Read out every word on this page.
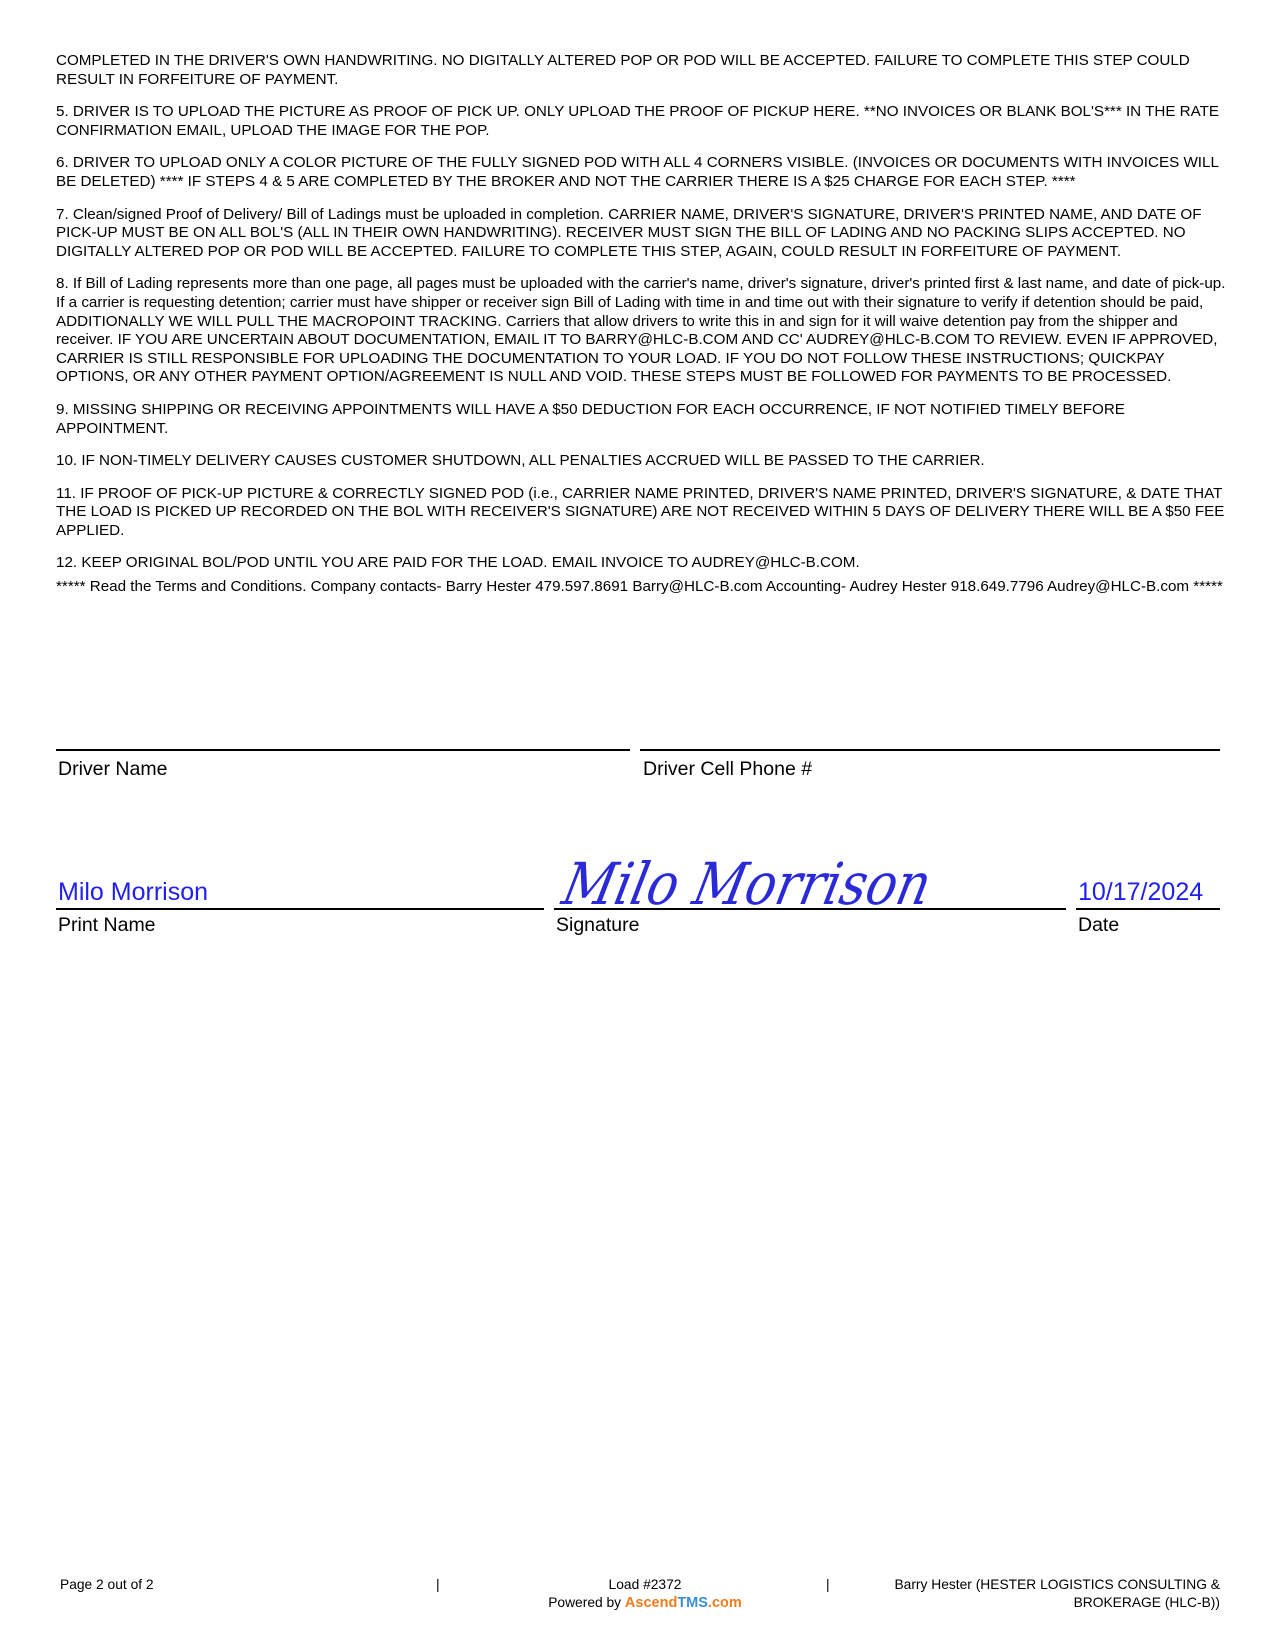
COMPLETED IN THE DRIVER'S OWN HANDWRITING. NO DIGITALLY ALTERED POP OR POD WILL BE ACCEPTED. FAILURE TO COMPLETE THIS STEP COULD RESULT IN FORFEITURE OF PAYMENT.

5. DRIVER IS TO UPLOAD THE PICTURE AS PROOF OF PICK UP. ONLY UPLOAD THE PROOF OF PICKUP HERE. **NO INVOICES OR BLANK BOL'S*** IN THE RATE CONFIRMATION EMAIL, UPLOAD THE IMAGE FOR THE POP.

6. DRIVER TO UPLOAD ONLY A COLOR PICTURE OF THE FULLY SIGNED POD WITH ALL 4 CORNERS VISIBLE. (INVOICES OR DOCUMENTS WITH INVOICES WILL BE DELETED) **** IF STEPS 4 & 5 ARE COMPLETED BY THE BROKER AND NOT THE CARRIER THERE IS A $25 CHARGE FOR EACH STEP. ****

7. Clean/signed Proof of Delivery/ Bill of Ladings must be uploaded in completion. CARRIER NAME, DRIVER'S SIGNATURE, DRIVER'S PRINTED NAME, AND DATE OF PICK-UP MUST BE ON ALL BOL'S (ALL IN THEIR OWN HANDWRITING). RECEIVER MUST SIGN THE BILL OF LADING AND NO PACKING SLIPS ACCEPTED. NO DIGITALLY ALTERED POP OR POD WILL BE ACCEPTED. FAILURE TO COMPLETE THIS STEP, AGAIN, COULD RESULT IN FORFEITURE OF PAYMENT.

8. If Bill of Lading represents more than one page, all pages must be uploaded with the carrier's name, driver's signature, driver's printed first & last name, and date of pick-up. If a carrier is requesting detention; carrier must have shipper or receiver sign Bill of Lading with time in and time out with their signature to verify if detention should be paid, ADDITIONALLY WE WILL PULL THE MACROPOINT TRACKING. Carriers that allow drivers to write this in and sign for it will waive detention pay from the shipper and receiver. IF YOU ARE UNCERTAIN ABOUT DOCUMENTATION, EMAIL IT TO BARRY@HLC-B.COM AND CC' AUDREY@HLC-B.COM TO REVIEW. EVEN IF APPROVED, CARRIER IS STILL RESPONSIBLE FOR UPLOADING THE DOCUMENTATION TO YOUR LOAD. IF YOU DO NOT FOLLOW THESE INSTRUCTIONS; QUICKPAY OPTIONS, OR ANY OTHER PAYMENT OPTION/AGREEMENT IS NULL AND VOID. THESE STEPS MUST BE FOLLOWED FOR PAYMENTS TO BE PROCESSED.

9. MISSING SHIPPING OR RECEIVING APPOINTMENTS WILL HAVE A $50 DEDUCTION FOR EACH OCCURRENCE, IF NOT NOTIFIED TIMELY BEFORE APPOINTMENT.

10. IF NON-TIMELY DELIVERY CAUSES CUSTOMER SHUTDOWN, ALL PENALTIES ACCRUED WILL BE PASSED TO THE CARRIER.

11. IF PROOF OF PICK-UP PICTURE & CORRECTLY SIGNED POD (i.e., CARRIER NAME PRINTED, DRIVER'S NAME PRINTED, DRIVER'S SIGNATURE, & DATE THAT THE LOAD IS PICKED UP RECORDED ON THE BOL WITH RECEIVER'S SIGNATURE) ARE NOT RECEIVED WITHIN 5 DAYS OF DELIVERY THERE WILL BE A $50 FEE APPLIED.

12. KEEP ORIGINAL BOL/POD UNTIL YOU ARE PAID FOR THE LOAD. EMAIL INVOICE TO AUDREY@HLC-B.COM.

***** Read the Terms and Conditions. Company contacts- Barry Hester 479.597.8691 Barry@HLC-B.com Accounting- Audrey Hester 918.649.7796 Audrey@HLC-B.com *****

Driver Name	Driver Cell Phone #
Milo Morrison
Print Name
Milo Morrison
Signature
10/17/2024
Date
Page 2 out of 2	|	Load #2372
Powered by AscendTMS.com
|	Barry Hester (HESTER LOGISTICS CONSULTING & BROKERAGE (HLC-B))
